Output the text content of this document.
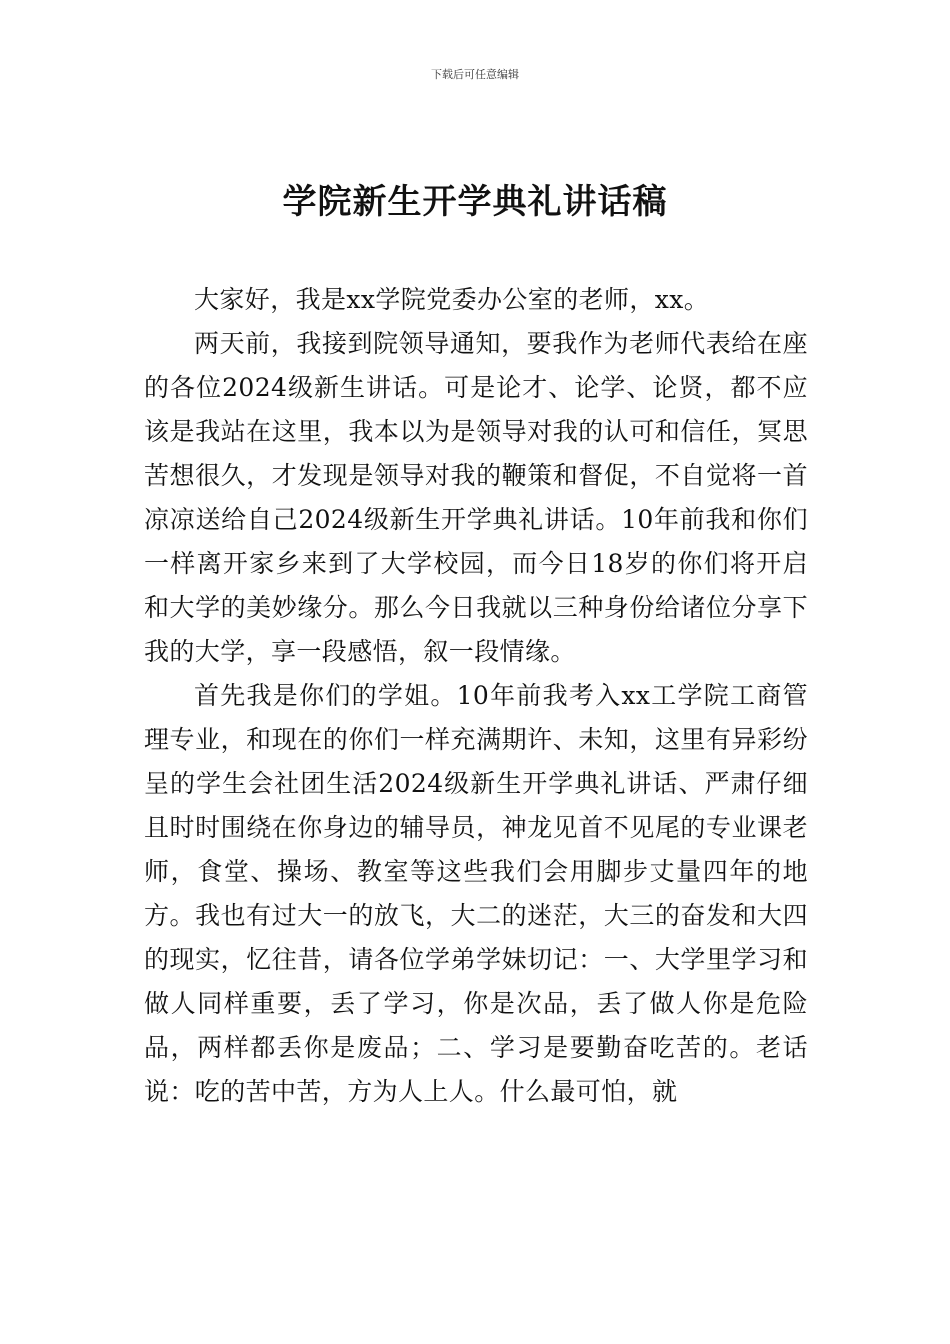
下载后可任意编辑
学院新生开学典礼讲话稿

大家好，我是xx学院党委办公室的老师，xx。

两天前，我接到院领导通知，要我作为老师代表给在座的各位2024级新生讲话。可是论才、论学、论贤，都不应该是我站在这里，我本以为是领导对我的认可和信任，冥思苦想很久，才发现是领导对我的鞭策和督促，不自觉将一首凉凉送给自己2024级新生开学典礼讲话。10年前我和你们一样离开家乡来到了大学校园，而今日18岁的你们将开启和大学的美妙缘分。那么今日我就以三种身份给诸位分享下我的大学，享一段感悟，叙一段情缘。

首先我是你们的学姐。10年前我考入xx工学院工商管理专业，和现在的你们一样充满期许、未知，这里有异彩纷呈的学生会社团生活2024级新生开学典礼讲话、严肃仔细且时时围绕在你身边的辅导员，神龙见首不见尾的专业课老师，食堂、操场、教室等这些我们会用脚步丈量四年的地方。我也有过大一的放飞，大二的迷茫，大三的奋发和大四的现实，忆往昔，请各位学弟学妹切记：一、大学里学习和做人同样重要，丢了学习，你是次品，丢了做人你是危险品，两样都丢你是废品；二、学习是要勤奋吃苦的。老话说：吃的苦中苦，方为人上人。什么最可怕，就
